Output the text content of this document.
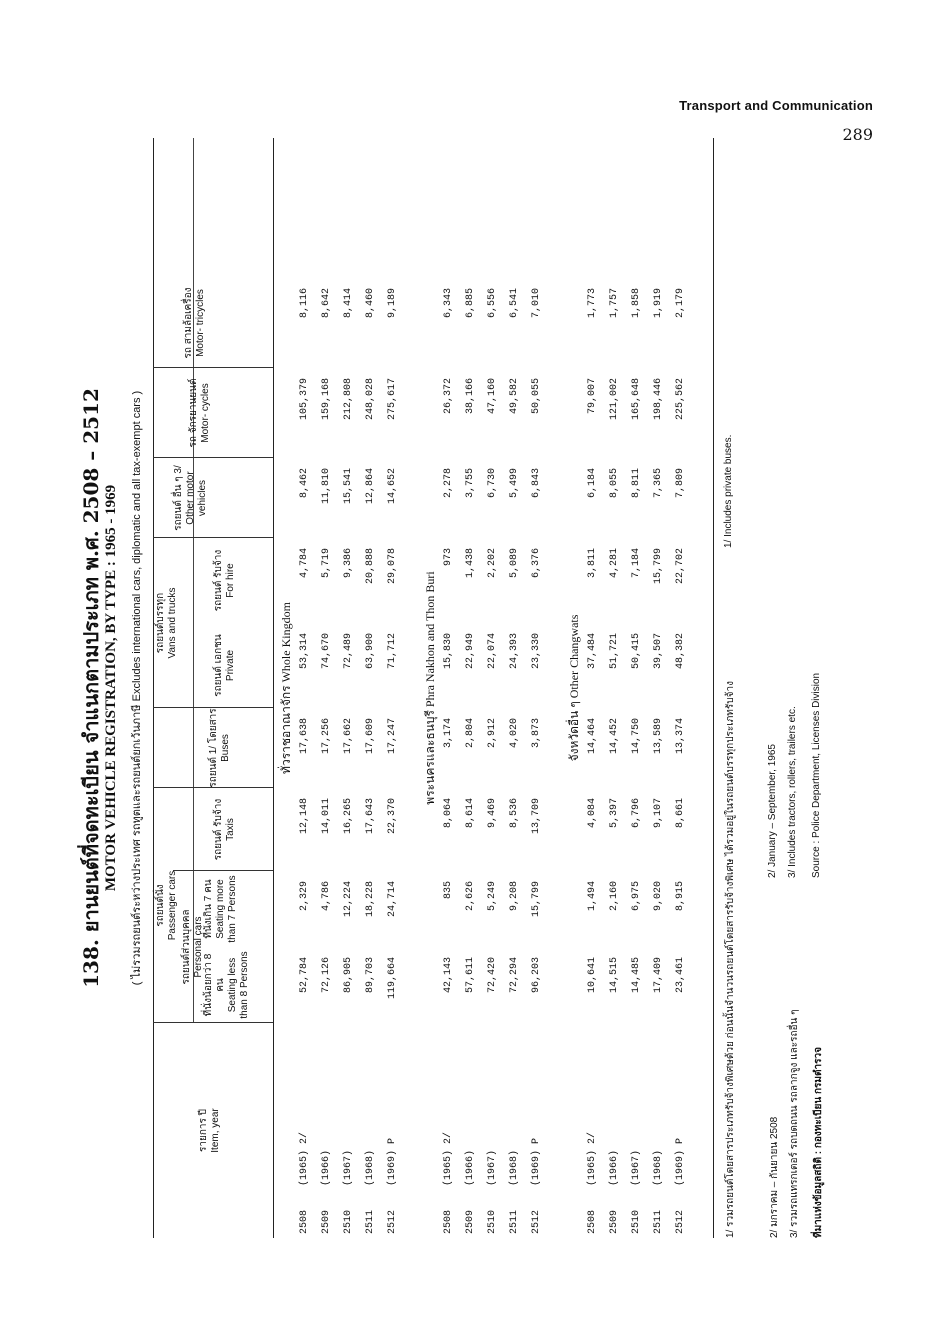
Transport and Communication
289
138. ยานยนต์ที่จดทะเบียน จำแนกตามประเภท พ.ศ. 2508 – 2512 MOTOR VEHICLE REGISTRATION, BY TYPE : 1965 - 1969	( ไม่รวมรถยนต์ระหว่างประเทศ รถทูตและรถยนต์ยกเว้นภาษี Excludes international cars, diplomatic and all tax-exempt cars )
รายการ ปี Item, year
รถยนต์นั่ง Passenger cars
รถยนต์ส่วนบุคคล Personal cars
ที่นั่งน้อยกว่า 8 คน Seating less than 8 Persons
ที่นั่งเกิน 7 คน Seating more than 7 Persons
รถยนต์ รับจ้าง Taxis
รถยนต์ 1/ โดยสาร Buses
รถยนต์บรรทุก Vans and trucks
รถยนต์ เอกชน Private
รถยนต์ รับจ้าง For hire
รถยนต์ อื่น ๆ 3/ Other motor vehicles
รถ จักรยานยนต์ Motor- cycles
รถ สามล้อเครื่อง Motor- tricycles
ทั่วราชอาณาจักร Whole Kingdom
2508
(1965) 2/
52,784
2,329
12,148
17,638
53,314
4,784
8,462
105,379
8,116
2509
(1966)
72,126
4,786
14,011
17,256
74,670
5,719
11,810
159,168
8,642
2510
(1967)
86,905
12,224
16,265
17,662
72,489
9,386
15,541
212,808
8,414
2511
(1968)
89,703
18,228
17,643
17,609
63,900
20,888
12,864
248,028
8,460
2512
(1969) P
119,664
24,714
22,370
17,247
71,712
29,078
14,652
275,617
9,189
พระนครและธนบุรี Phra Nakhon and Thon Buri
2508
(1965) 2/
42,143
835
8,064
3,174
15,830
973
2,278
26,372
6,343
2509
(1966)
57,611
2,626
8,614
2,804
22,949
1,438
3,755
38,166
6,885
2510
(1967)
72,420
5,249
9,469
2,912
22,074
2,202
6,730
47,160
6,556
2511
(1968)
72,294
9,208
8,536
4,020
24,393
5,089
5,499
49,582
6,541
2512
(1969) P
96,203
15,799
13,709
3,873
23,330
6,376
6,843
50,055
7,010
จังหวัดอื่น ๆ Other Changwats
2508
(1965) 2/
10,641
1,494
4,084
14,464
37,484
3,811
6,184
79,007
1,773
2509
(1966)
14,515
2,160
5,397
14,452
51,721
4,281
8,055
121,002
1,757
2510
(1967)
14,485
6,975
6,796
14,750
50,415
7,184
8,811
165,648
1,858
2511
(1968)
17,409
9,020
9,107
13,589
39,507
15,799
7,365
198,446
1,919
2512
(1969) P
23,461
8,915
8,661
13,374
48,382
22,702
7,809
225,562
2,179
1/ รวมรถยนต์โดยสารประเภทรับจ้างพิเศษด้วย ก่อนนั้นจำนวนรถยนต์โดยสารรับจ้างพิเศษ ได้รวมอยู่ในรถยนต์บรรทุกประเภทรับจ้าง
1/ Includes private buses.
2/ มกราคม – กันยายน 2508
2/ January – September, 1965
3/ รวมรถแทรกเตอร์ รถบดถนน รถลากจูง และรถอื่น ๆ
3/ Includes tractors, rollers, trailers etc.
ที่มาแห่งข้อมูลสถิติ : กองทะเบียน กรมตำรวจ
Source : Police Department, Licenses Division
